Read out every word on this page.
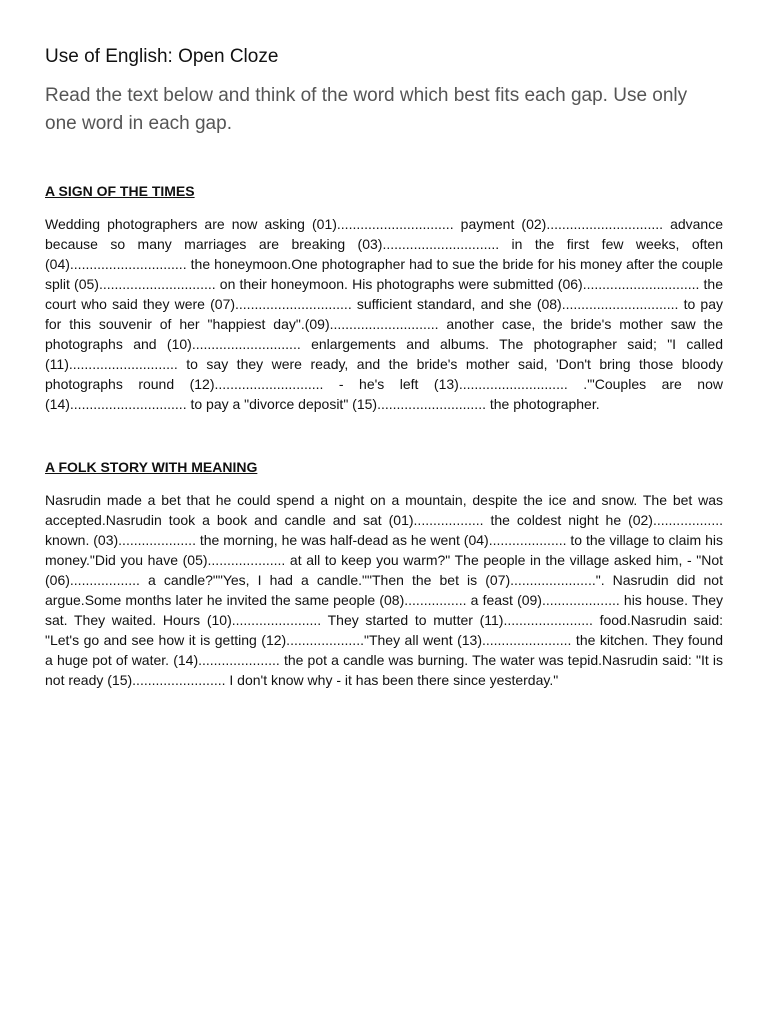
Use of English: Open Cloze

Read the text below and think of the word which best fits each gap. Use only one word in each gap.

A SIGN OF THE TIMES

Wedding photographers are now asking (01).............................. payment (02).............................. advance because so many marriages are breaking (03).............................. in the first few weeks, often (04).............................. the honeymoon.One photographer had to sue the bride for his money after the couple split (05).............................. on their honeymoon. His photographs were submitted (06).............................. the court who said they were (07).............................. sufficient standard, and she (08).............................. to pay for this souvenir of her "happiest day".(09)............................ another case, the bride's mother saw the photographs and (10)............................ enlargements and albums. The photographer said; "I called (11)............................ to say they were ready, and the bride's mother said, 'Don't bring those bloody photographs round (12)............................ - he's left (13)............................ .'"Couples are now (14).............................. to pay a "divorce deposit" (15)............................ the photographer.

A FOLK STORY WITH MEANING

Nasrudin made a bet that he could spend a night on a mountain, despite the ice and snow. The bet was accepted.Nasrudin took a book and candle and sat (01).................. the coldest night he (02).................. known. (03).................... the morning, he was half-dead as he went (04).................... to the village to claim his money."Did you have (05).................... at all to keep you warm?" The people in the village asked him, - "Not (06).................. a candle?""Yes, I had a candle.""Then the bet is (07)......................". Nasrudin did not argue.Some months later he invited the same people (08)................ a feast (09).................... his house. They sat. They waited. Hours (10)....................... They started to mutter (11)....................... food.Nasrudin said: "Let's go and see how it is getting (12)...................."They all went (13)....................... the kitchen. They found a huge pot of water. (14)..................... the pot a candle was burning. The water was tepid.Nasrudin said: "It is not ready (15)........................ I don't know why - it has been there since yesterday."
